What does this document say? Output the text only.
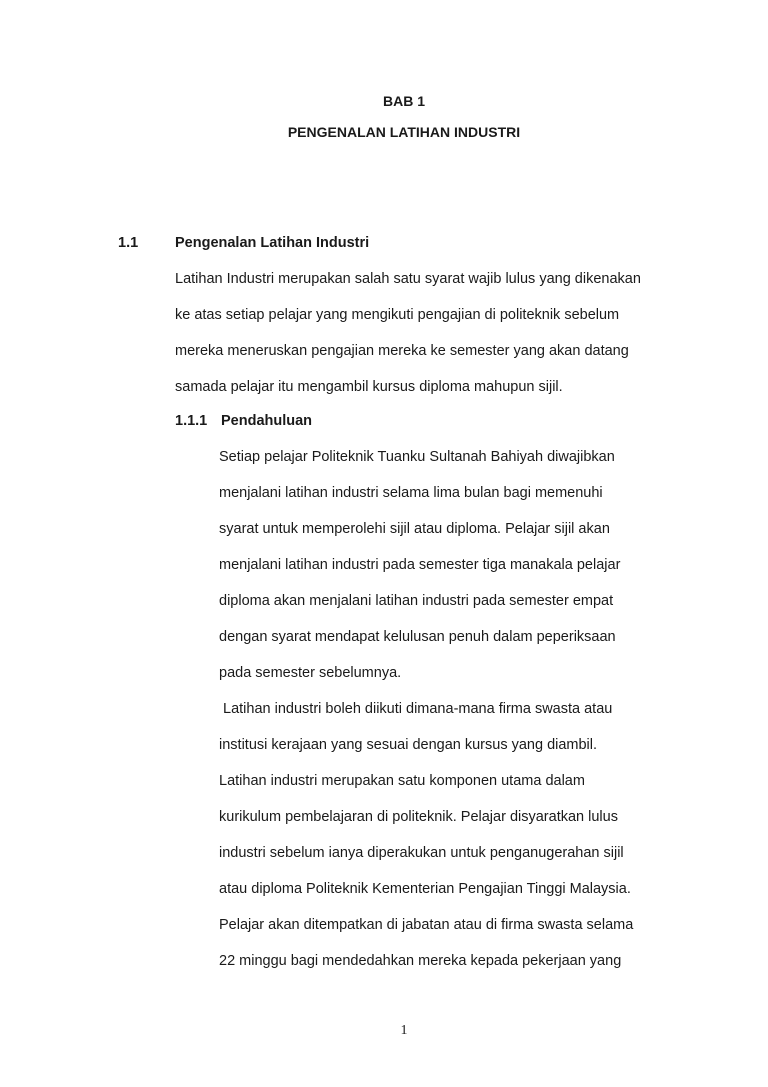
BAB 1
PENGENALAN LATIHAN INDUSTRI
1.1	Pengenalan Latihan Industri
Latihan Industri merupakan salah satu syarat wajib lulus yang dikenakan
ke atas setiap pelajar yang mengikuti pengajian di politeknik sebelum
mereka meneruskan pengajian mereka ke semester yang akan datang
samada pelajar itu mengambil kursus diploma mahupun sijil.
1.1.1 Pendahuluan
Setiap pelajar Politeknik Tuanku Sultanah Bahiyah diwajibkan
menjalani latihan industri selama lima bulan bagi memenuhi
syarat untuk memperolehi sijil atau diploma. Pelajar sijil akan
menjalani latihan industri pada semester tiga manakala pelajar
diploma akan menjalani latihan industri pada semester empat
dengan syarat mendapat kelulusan penuh dalam peperiksaan
pada semester sebelumnya.
Latihan industri boleh diikuti dimana-mana firma swasta atau
institusi kerajaan yang sesuai dengan kursus yang diambil.
Latihan industri merupakan satu komponen utama dalam
kurikulum pembelajaran di politeknik. Pelajar disyaratkan lulus
industri sebelum ianya diperakukan untuk penganugerahan sijil
atau diploma Politeknik Kementerian Pengajian Tinggi Malaysia.
Pelajar akan ditempatkan di jabatan atau di firma swasta selama
22 minggu bagi mendedahkan mereka kepada pekerjaan yang
1
